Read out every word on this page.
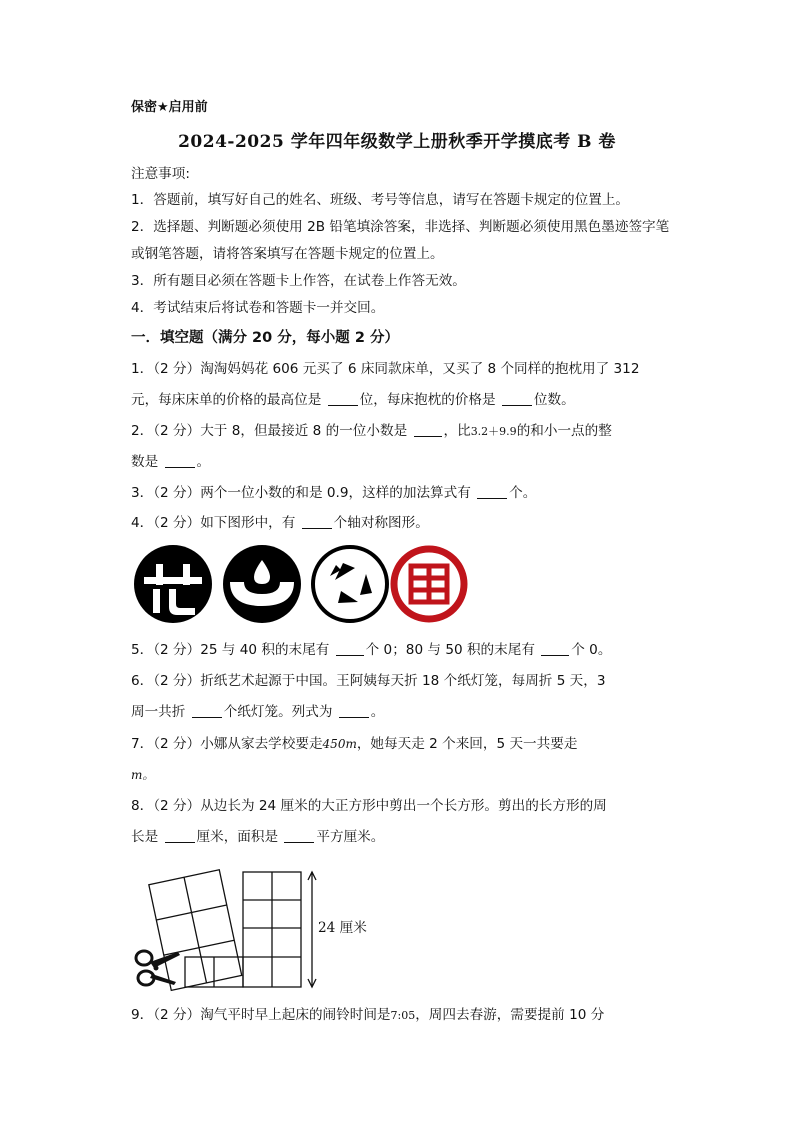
保密★启用前
2024-2025 学年四年级数学上册秋季开学摸底考 B 卷
注意事项:
1．答题前，填写好自己的姓名、班级、考号等信息，请写在答题卡规定的位置上。
2．选择题、判断题必须使用 2B 铅笔填涂答案，非选择、判断题必须使用黑色墨迹签字笔
或钢笔答题，请将答案填写在答题卡规定的位置上。
3．所有题目必须在答题卡上作答，在试卷上作答无效。
4．考试结束后将试卷和答题卡一并交回。
一．填空题（满分 20 分，每小题 2 分）
1．（2 分）淘淘妈妈花 606 元买了 6 床同款床单，又买了 8 个同样的抱枕用了 312
元，每床床单的价格的最高位是	位，每床抱枕的价格是	位数。
2．（2 分）大于 8，但最接近 8 的一位小数是 ，比3.2＋9.9的和小一点的整
数是	。
3．（2 分）两个一位小数的和是 0.9，这样的加法算式有	个。
4．（2 分）如下图形中，有	个轴对称图形。
5．（2 分）25 与 40 积的末尾有 个 0；80 与 50 积的末尾有 个 0。
6．（2 分）折纸艺术起源于中国。王阿姨每天折 18 个纸灯笼，每周折 5 天，3
周一共折	个纸灯笼。列式为	。
7．（2 分）小娜从家去学校要走450m，她每天走 2 个来回，5 天一共要走
m。
8．（2 分）从边长为 24 厘米的大正方形中剪出一个长方形。剪出的长方形的周
长是	厘米，面积是	平方厘米。
24 厘米
9．（2 分）淘气平时早上起床的闹铃时间是7:05，周四去春游，需要提前 10 分
